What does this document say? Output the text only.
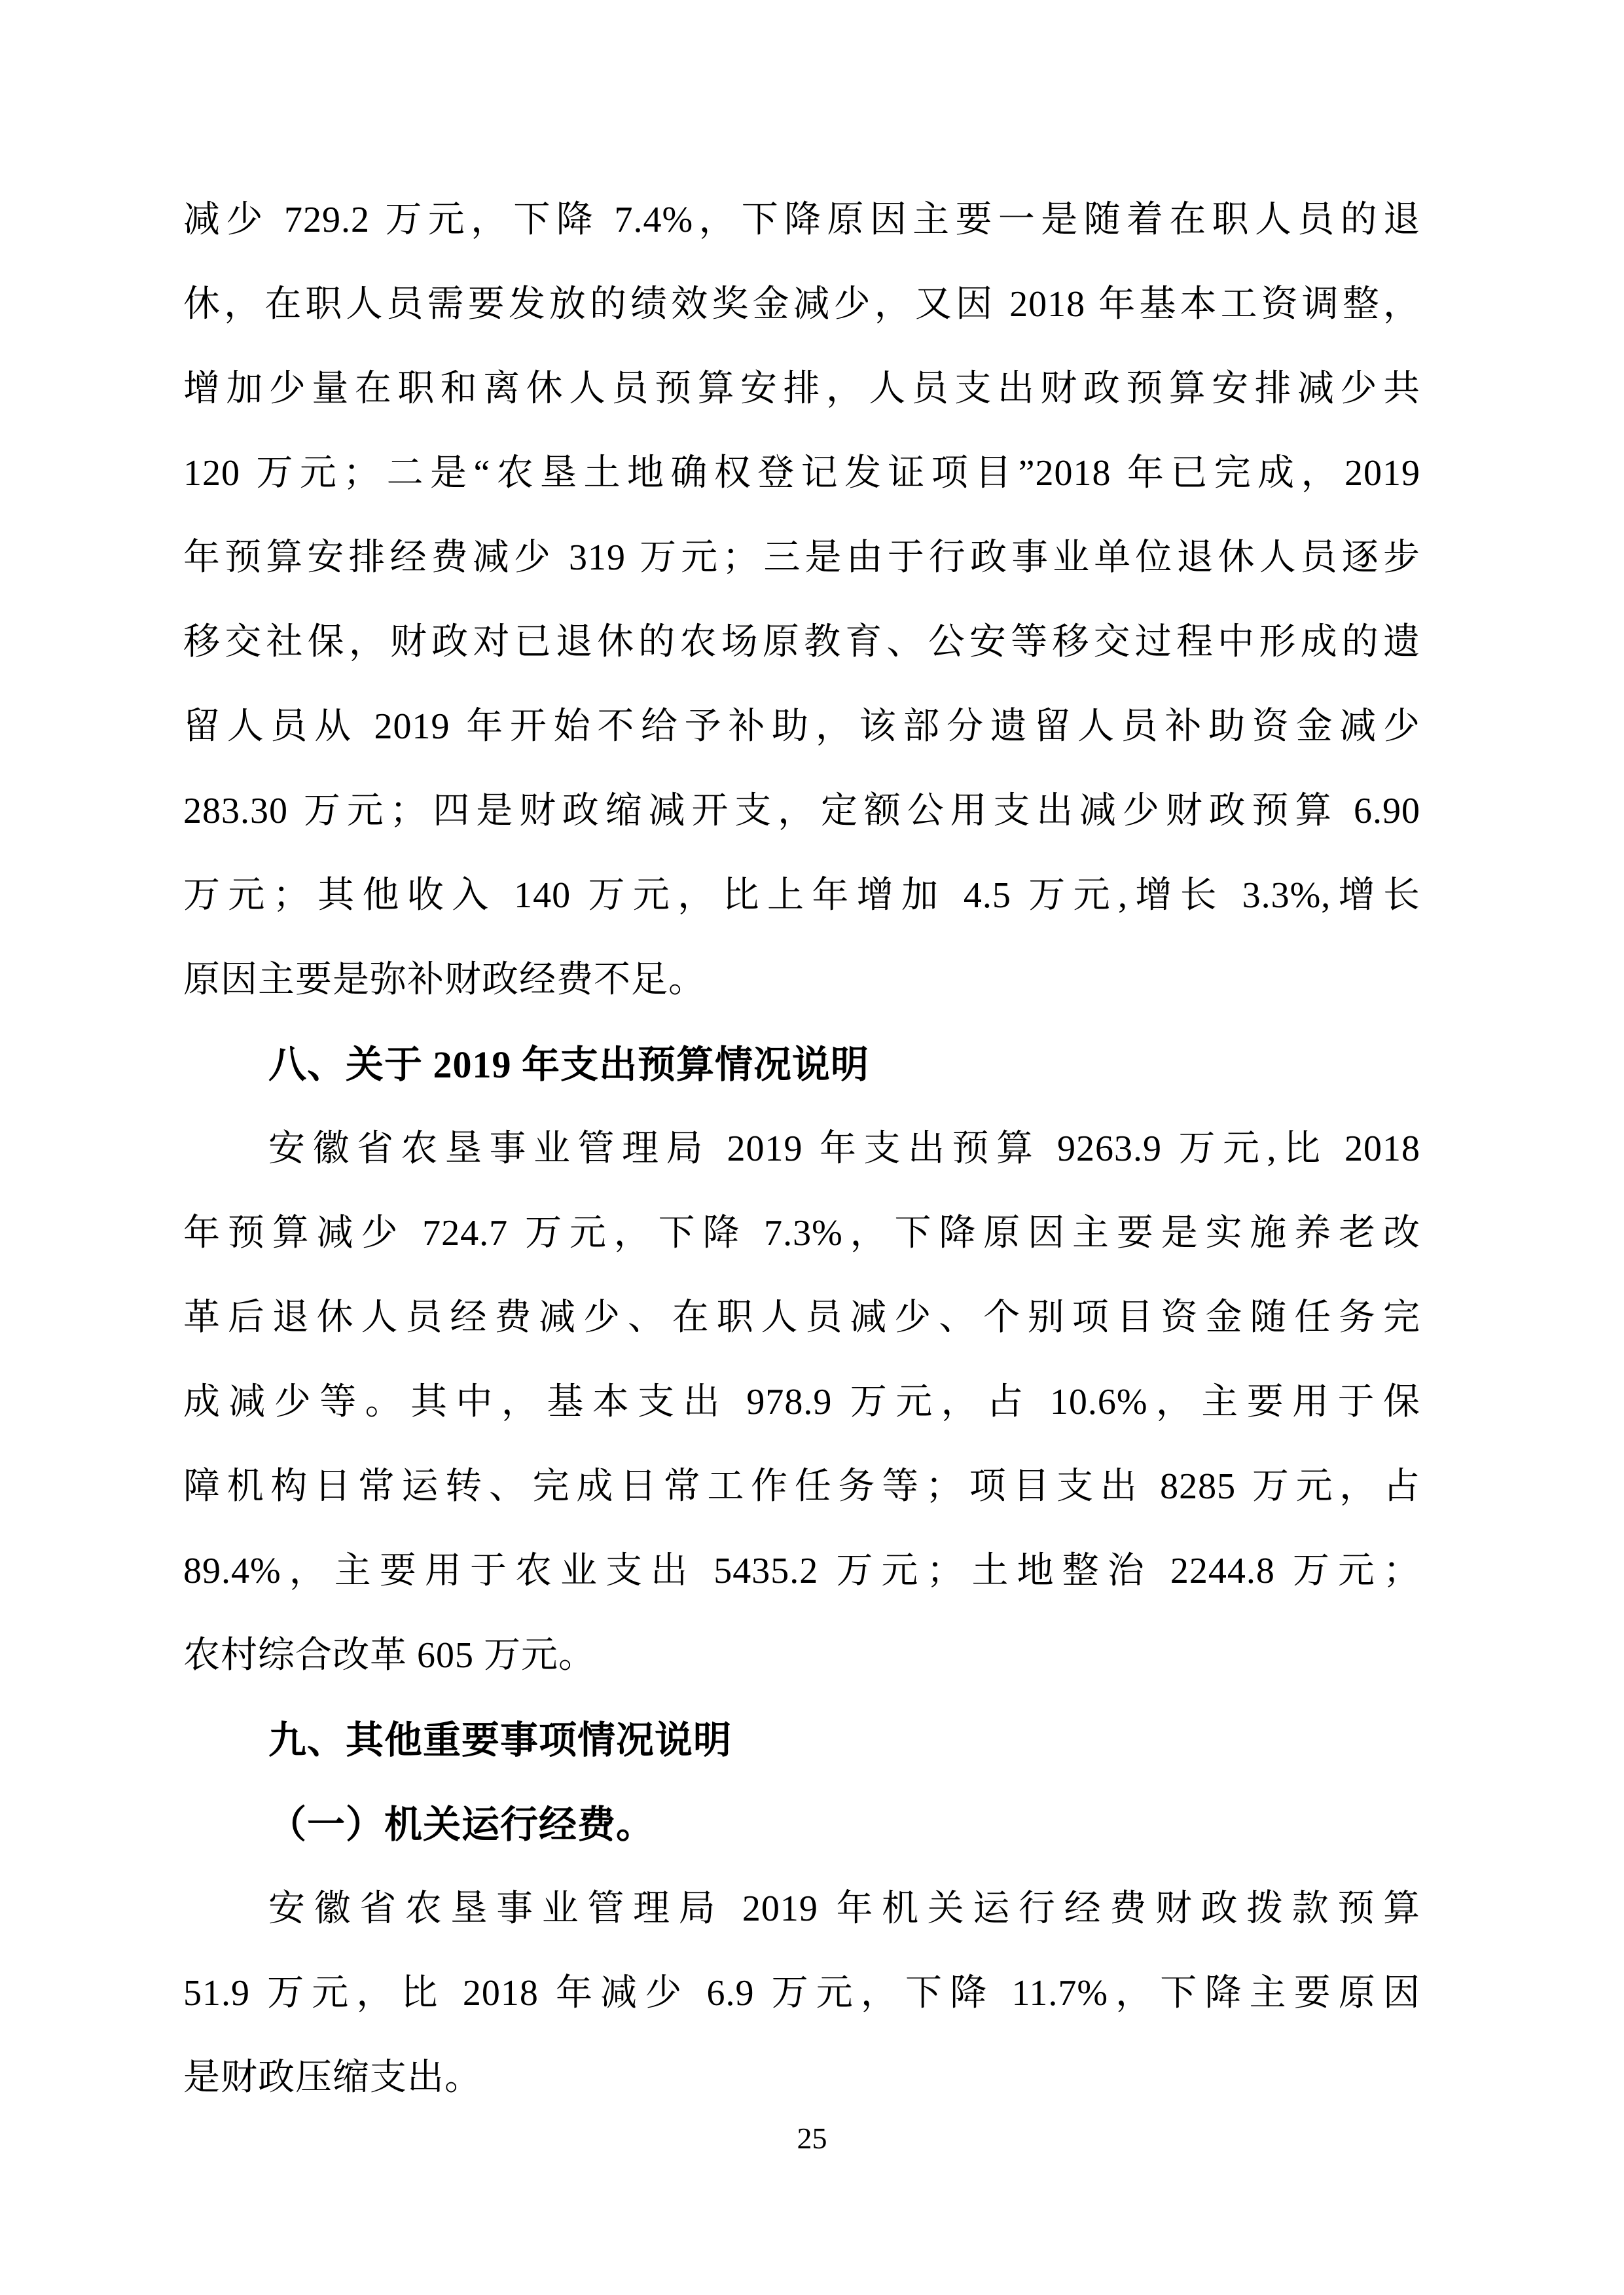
减少 729.2 万元，下降 7.4%，下降原因主要一是随着在职人员的退
休，在职人员需要发放的绩效奖金减少，又因 2018 年基本工资调整，
增加少量在职和离休人员预算安排，人员支出财政预算安排减少共
120 万元；二是“农垦土地确权登记发证项目”2018 年已完成，2019
年预算安排经费减少 319 万元；三是由于行政事业单位退休人员逐步
移交社保，财政对已退休的农场原教育、公安等移交过程中形成的遗
留人员从 2019 年开始不给予补助，该部分遗留人员补助资金减少
283.30 万元；四是财政缩减开支，定额公用支出减少财政预算 6.90
万元；其他收入 140 万元，比上年增加 4.5 万元,增长 3.3%,增长
原因主要是弥补财政经费不足。
八、关于 2019 年支出预算情况说明
安徽省农垦事业管理局 2019 年支出预算 9263.9 万元,比 2018
年预算减少 724.7 万元，下降 7.3%，下降原因主要是实施养老改
革后退休人员经费减少、在职人员减少、个别项目资金随任务完
成减少等。其中，基本支出 978.9 万元，占 10.6%，主要用于保
障机构日常运转、完成日常工作任务等；项目支出 8285 万元，占
89.4%，主要用于农业支出 5435.2 万元；土地整治 2244.8 万元；
农村综合改革 605 万元。
九、其他重要事项情况说明
（一）机关运行经费。
安徽省农垦事业管理局 2019 年机关运行经费财政拨款预算
51.9 万元，比 2018 年减少 6.9 万元，下降 11.7%，下降主要原因
是财政压缩支出。
25
